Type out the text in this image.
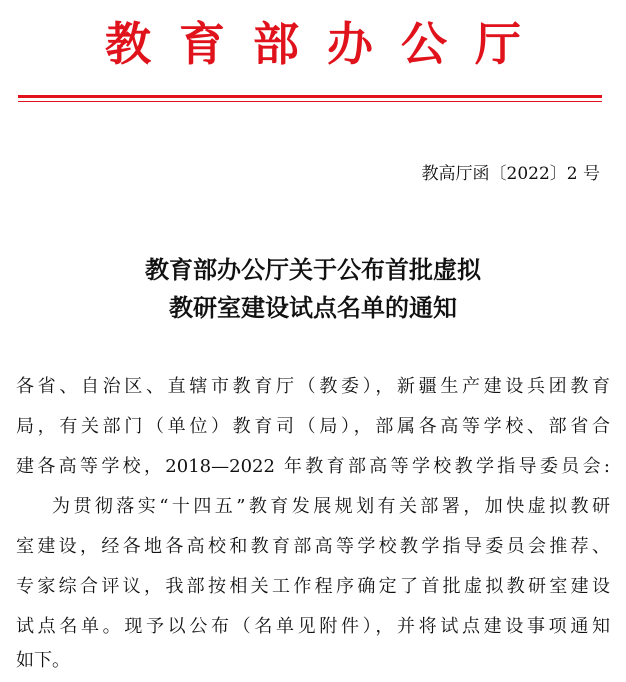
教育部办公厅
教高厅函〔2022〕2 号
教育部办公厅关于公布首批虚拟
教研室建设试点名单的通知
各省、自治区、直辖市教育厅（教委），新疆生产建设兵团教育
局，有关部门（单位）教育司（局），部属各高等学校、部省合
建各高等学校，2018—2022 年教育部高等学校教学指导委员会:
为贯彻落实“十四五”教育发展规划有关部署，加快虚拟教研
室建设，经各地各高校和教育部高等学校教学指导委员会推荐、
专家综合评议，我部按相关工作程序确定了首批虚拟教研室建设
试点名单。现予以公布（名单见附件），并将试点建设事项通知
如下。
